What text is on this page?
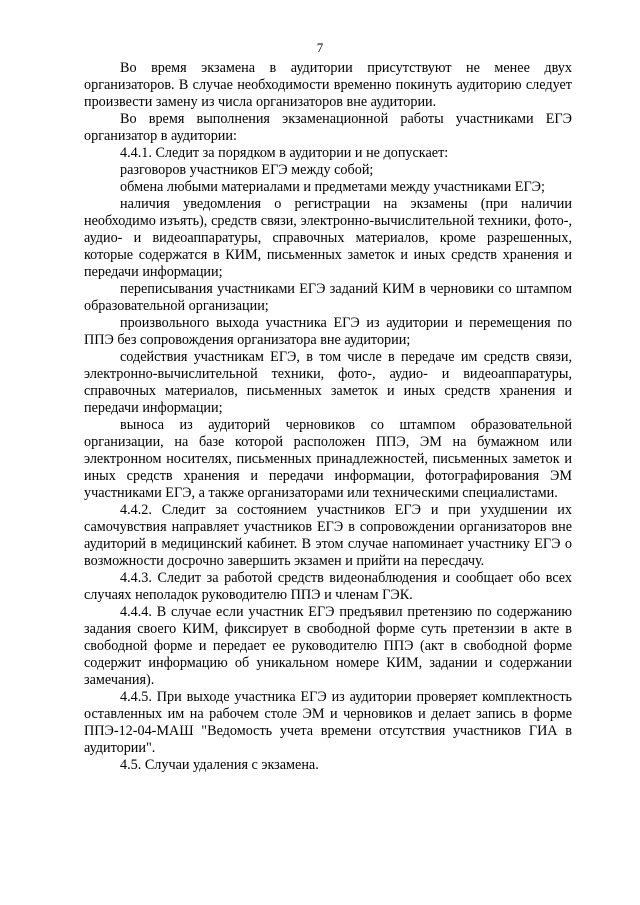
7

Во время экзамена в аудитории присутствуют не менее двух организаторов. В случае необходимости временно покинуть аудиторию следует произвести замену из числа организаторов вне аудитории.

Во время выполнения экзаменационной работы участниками ЕГЭ организатор в аудитории:

4.4.1. Следит за порядком в аудитории и не допускает:

разговоров участников ЕГЭ между собой;

обмена любыми материалами и предметами между участниками ЕГЭ;

наличия уведомления о регистрации на экзамены (при наличии необходимо изъять), средств связи, электронно-вычислительной техники, фото-, аудио- и видеоаппаратуры, справочных материалов, кроме разрешенных, которые содержатся в КИМ, письменных заметок и иных средств хранения и передачи информации;

переписывания участниками ЕГЭ заданий КИМ в черновики со штампом образовательной организации;

произвольного выхода участника ЕГЭ из аудитории и перемещения по ППЭ без сопровождения организатора вне аудитории;

содействия участникам ЕГЭ, в том числе в передаче им средств связи, электронно-вычислительной техники, фото-, аудио- и видеоаппаратуры, справочных материалов, письменных заметок и иных средств хранения и передачи информации;

выноса из аудиторий черновиков со штампом образовательной организации, на базе которой расположен ППЭ, ЭМ на бумажном или электронном носителях, письменных принадлежностей, письменных заметок и иных средств хранения и передачи информации, фотографирования ЭМ участниками ЕГЭ, а также организаторами или техническими специалистами.

4.4.2. Следит за состоянием участников ЕГЭ и при ухудшении их самочувствия направляет участников ЕГЭ в сопровождении организаторов вне аудиторий в медицинский кабинет. В этом случае напоминает участнику ЕГЭ о возможности досрочно завершить экзамен и прийти на пересдачу.

4.4.3. Следит за работой средств видеонаблюдения и сообщает обо всех случаях неполадок руководителю ППЭ и членам ГЭК.

4.4.4. В случае если участник ЕГЭ предъявил претензию по содержанию задания своего КИМ, фиксирует в свободной форме суть претензии в акте в свободной форме и передает ее руководителю ППЭ (акт в свободной форме содержит информацию об уникальном номере КИМ, задании и содержании замечания).

4.4.5. При выходе участника ЕГЭ из аудитории проверяет комплектность оставленных им на рабочем столе ЭМ и черновиков и делает запись в форме ППЭ-12-04-МАШ "Ведомость учета времени отсутствия участников ГИА в аудитории".

4.5. Случаи удаления с экзамена.
